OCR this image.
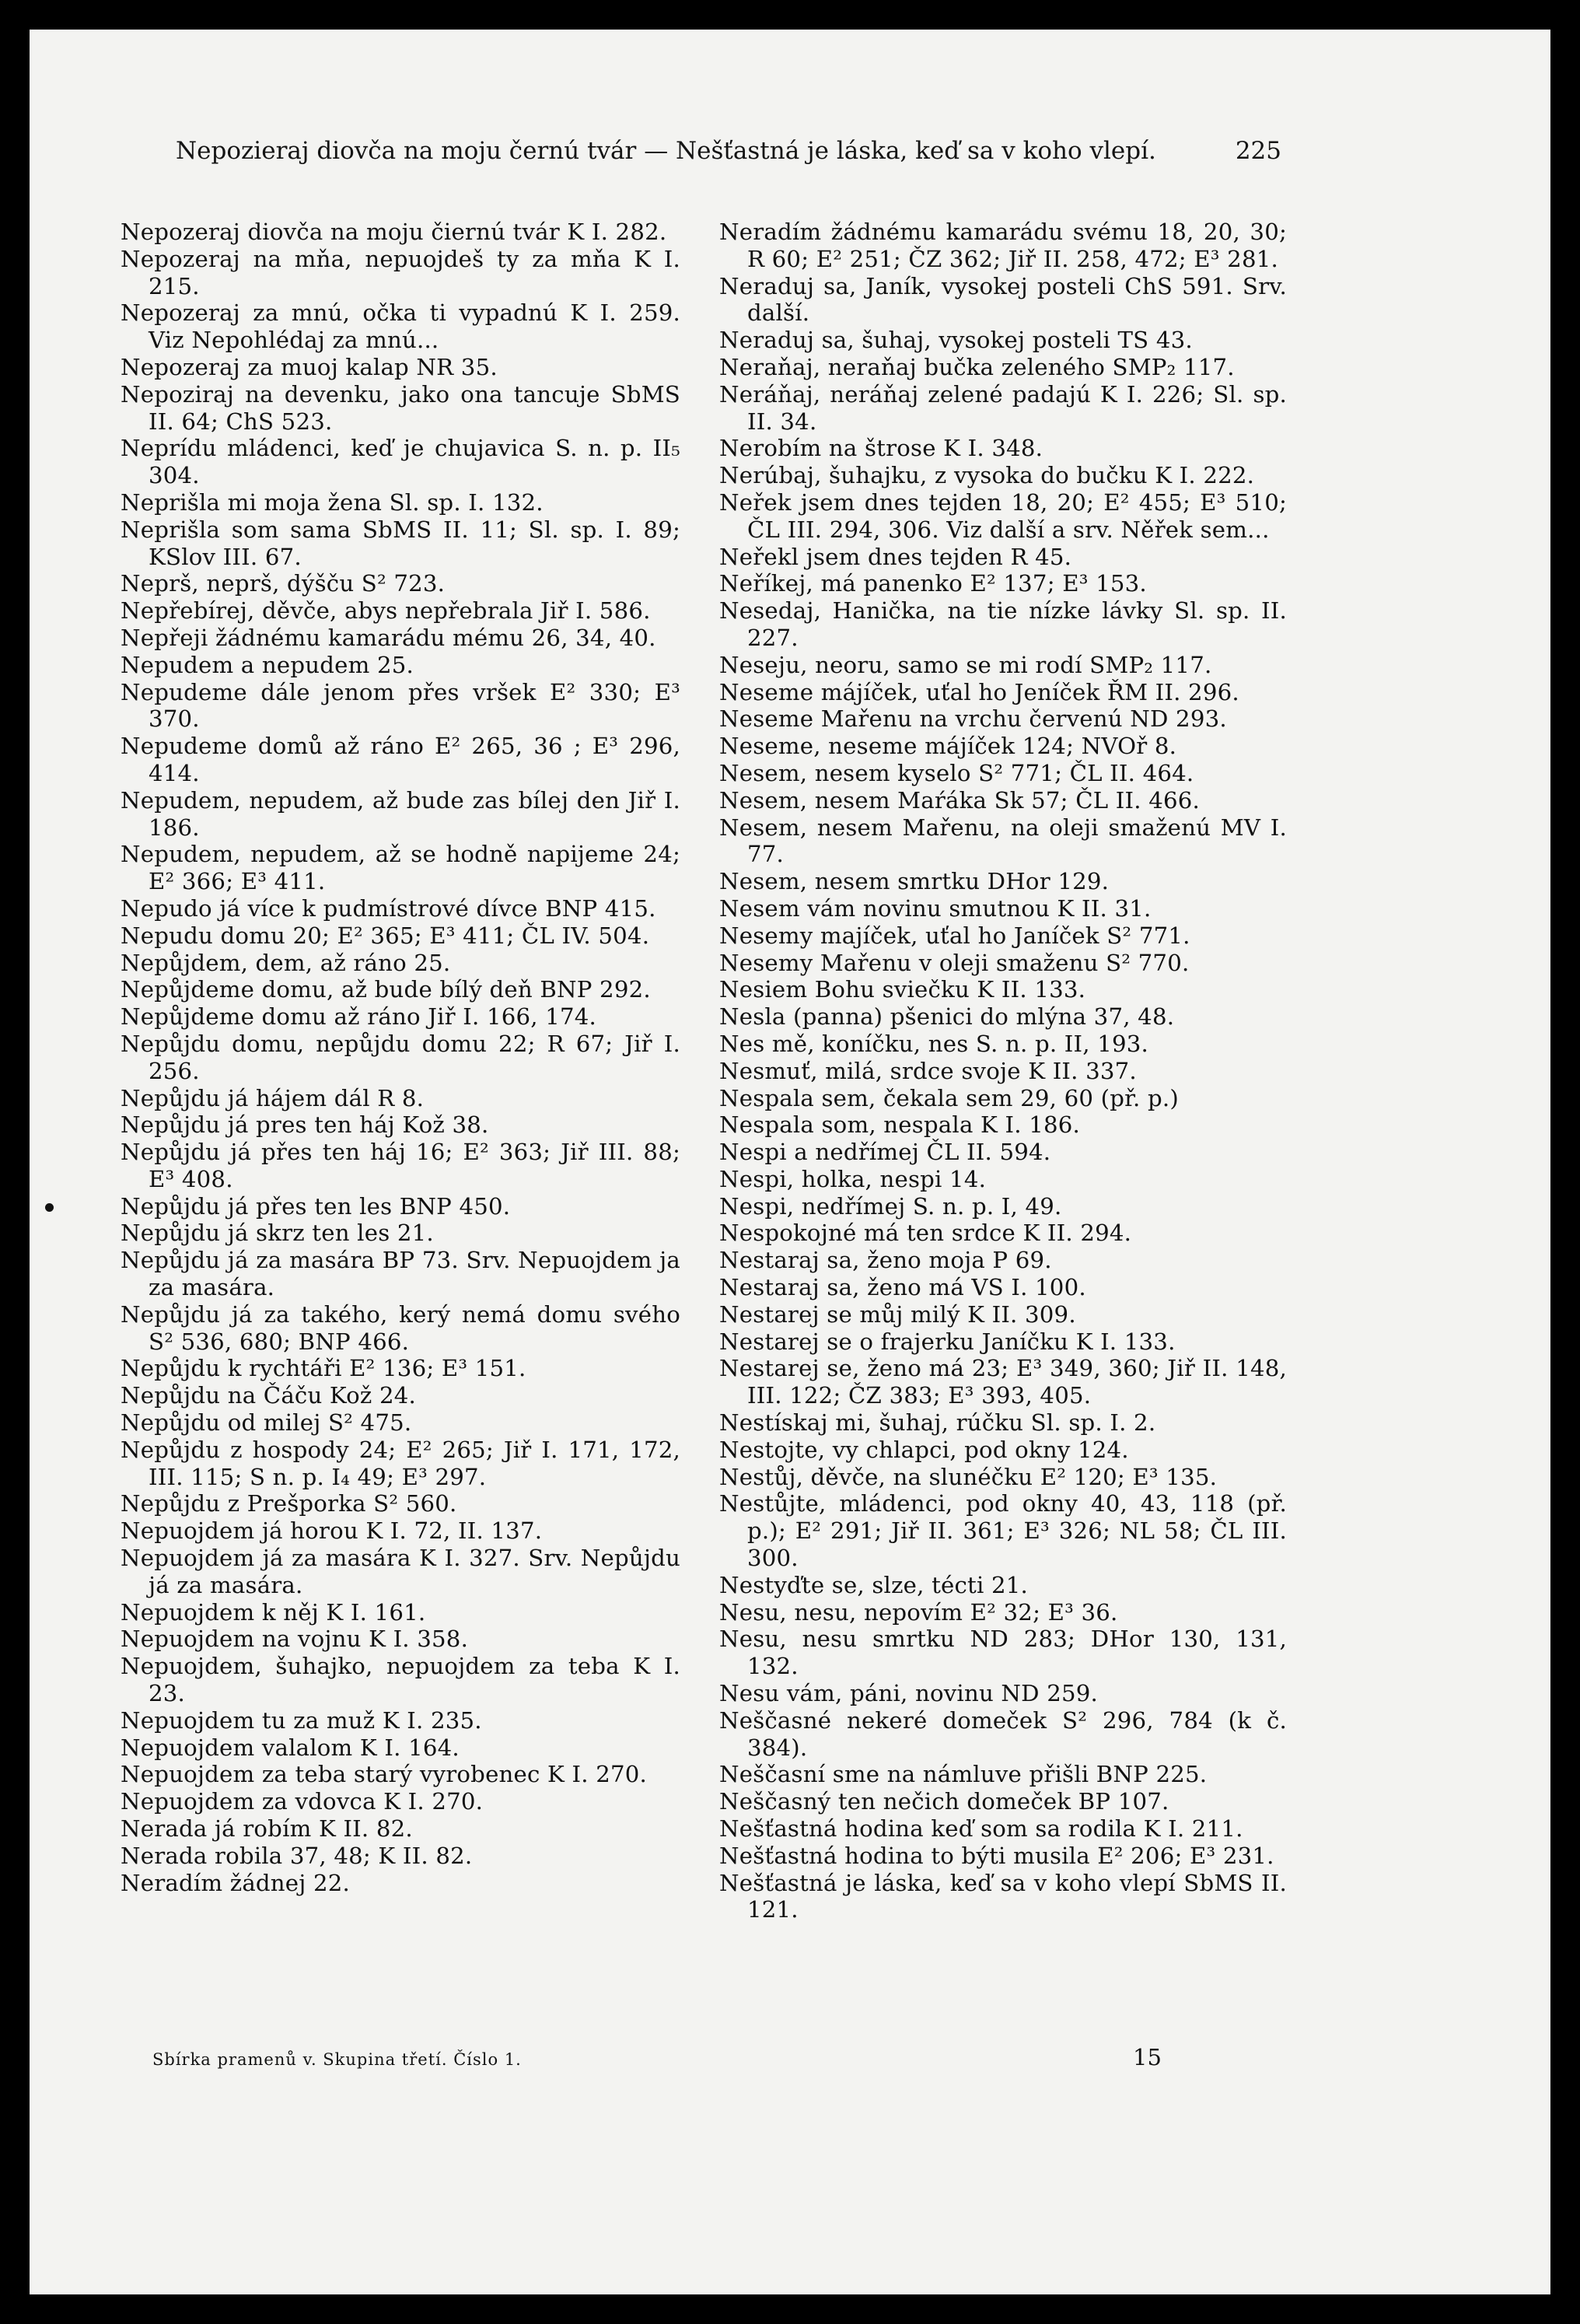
Nepozieraj diovča na moju černú tvár — Nešťastná je láska, keď sa v koho vlepí.	225

Nepozeraj diovča na moju čiernú tvár K I. 282.

Nepozeraj na mňa, nepuojdeš ty za mňa K I. 215.

Nepozeraj za mnú, očka ti vypadnú K I. 259. Viz Nepohlédaj za mnú...

Nepozeraj za muoj kalap NR 35.

Nepoziraj na devenku, jako ona tancuje SbMS II. 64; ChS 523.

Neprídu mládenci, keď je chujavica S. n. p. II₅ 304.

Neprišla mi moja žena Sl. sp. I. 132.

Neprišla som sama SbMS II. 11; Sl. sp. I. 89; KSlov III. 67.

Neprš, neprš, dýšču S² 723.

Nepřebírej, děvče, abys nepřebrala Jiř I. 586.

Nepřeji žádnému kamarádu mému 26, 34, 40.

Nepudem a nepudem 25.

Nepudeme dále jenom přes vršek E² 330; E³ 370.

Nepudeme domů až ráno E² 265, 36 ; E³ 296, 414.

Nepudem, nepudem, až bude zas bílej den Jiř I. 186.

Nepudem, nepudem, až se hodně napijeme 24; E² 366; E³ 411.

Nepudo já více k pudmístrové dívce BNP 415.

Nepudu domu 20; E² 365; E³ 411; ČL IV. 504.

Nepůjdem, dem, až ráno 25.

Nepůjdeme domu, až bude bílý deň BNP 292.

Nepůjdeme domu až ráno Jiř I. 166, 174.

Nepůjdu domu, nepůjdu domu 22; R 67; Jiř I. 256.

Nepůjdu já hájem dál R 8.

Nepůjdu já pres ten háj Kož 38.

Nepůjdu já přes ten háj 16; E² 363; Jiř III. 88; E³ 408.

Nepůjdu já přes ten les BNP 450.

Nepůjdu já skrz ten les 21.

Nepůjdu já za masára BP 73. Srv. Nepuojdem ja za masára.

Nepůjdu já za takého, kerý nemá domu svého S² 536, 680; BNP 466.

Nepůjdu k rychtáři E² 136; E³ 151.

Nepůjdu na Čáču Kož 24.

Nepůjdu od milej S² 475.

Nepůjdu z hospody 24; E² 265; Jiř I. 171, 172, III. 115; S n. p. I₄ 49; E³ 297.

Nepůjdu z Prešporka S² 560.

Nepuojdem já horou K I. 72, II. 137.

Nepuojdem já za masára K I. 327. Srv. Nepůjdu já za masára.

Nepuojdem k něj K I. 161.

Nepuojdem na vojnu K I. 358.

Nepuojdem, šuhajko, nepuojdem za teba K I. 23.

Nepuojdem tu za muž K I. 235.

Nepuojdem valalom K I. 164.

Nepuojdem za teba starý vyrobenec K I. 270.

Nepuojdem za vdovca K I. 270.

Nerada já robím K II. 82.

Nerada robila 37, 48; K II. 82.

Neradím žádnej 22.

Neradím žádnému kamarádu svému 18, 20, 30; R 60; E² 251; ČZ 362; Jiř II. 258, 472; E³ 281.

Neraduj sa, Janík, vysokej posteli ChS 591. Srv. další.

Neraduj sa, šuhaj, vysokej posteli TS 43.

Neraňaj, neraňaj bučka zeleného SMP₂ 117.

Neráňaj, neráňaj zelené padajú K I. 226; Sl. sp. II. 34.

Nerobím na štrose K I. 348.

Nerúbaj, šuhajku, z vysoka do bučku K I. 222.

Neřek jsem dnes tejden 18, 20; E² 455; E³ 510; ČL III. 294, 306. Viz další a srv. Něřek sem...

Neřekl jsem dnes tejden R 45.

Neříkej, má panenko E² 137; E³ 153.

Nesedaj, Hanička, na tie nízke lávky Sl. sp. II. 227.

Neseju, neoru, samo se mi rodí SMP₂ 117.

Neseme májíček, uťal ho Jeníček ŘM II. 296.

Neseme Mařenu na vrchu červenú ND 293.

Neseme, neseme májíček 124; NVOř 8.

Nesem, nesem kyselo S² 771; ČL II. 464.

Nesem, nesem Maŕáka Sk 57; ČL II. 466.

Nesem, nesem Mařenu, na oleji smaženú MV I. 77.

Nesem, nesem smrtku DHor 129.

Nesem vám novinu smutnou K II. 31.

Nesemy majíček, uťal ho Janíček S² 771.

Nesemy Mařenu v oleji smaženu S² 770.

Nesiem Bohu sviečku K II. 133.

Nesla (panna) pšenici do mlýna 37, 48.

Nes mě, koníčku, nes S. n. p. II, 193.

Nesmuť, milá, srdce svoje K II. 337.

Nespala sem, čekala sem 29, 60 (př. p.)

Nespala som, nespala K I. 186.

Nespi a nedřímej ČL II. 594.

Nespi, holka, nespi 14.

Nespi, nedřímej S. n. p. I, 49.

Nespokojné má ten srdce K II. 294.

Nestaraj sa, ženo moja P 69.

Nestaraj sa, ženo má VS I. 100.

Nestarej se můj milý K II. 309.

Nestarej se o frajerku Janíčku K I. 133.

Nestarej se, ženo má 23; E³ 349, 360; Jiř II. 148, III. 122; ČZ 383; E³ 393, 405.

Nestískaj mi, šuhaj, rúčku Sl. sp. I. 2.

Nestojte, vy chlapci, pod okny 124.

Nestůj, děvče, na slunéčku E² 120; E³ 135.

Nestůjte, mládenci, pod okny 40, 43, 118 (př. p.); E² 291; Jiř II. 361; E³ 326; NL 58; ČL III. 300.

Nestyďte se, slze, técti 21.

Nesu, nesu, nepovím E² 32; E³ 36.

Nesu, nesu smrtku ND 283; DHor 130, 131, 132.

Nesu vám, páni, novinu ND 259.

Neščasné nekeré domeček S² 296, 784 (k č. 384).

Neščasní sme na námluve přišli BNP 225.

Neščasný ten nečich domeček BP 107.

Nešťastná hodina keď som sa rodila K I. 211.

Nešťastná hodina to býti musila E² 206; E³ 231.

Nešťastná je láska, keď sa v koho vlepí SbMS II. 121.

Sbírka pramenů v. Skupina třetí. Číslo 1.	15
